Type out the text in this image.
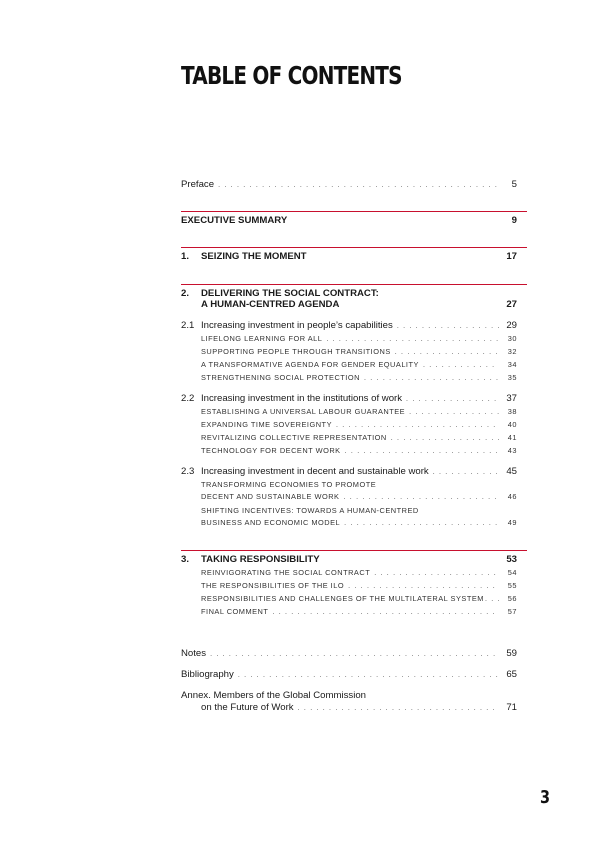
TABLE OF CONTENTS
Preface . . .	5
EXECUTIVE SUMMARY	9
1. SEIZING THE MOMENT	17
2. DELIVERING THE SOCIAL CONTRACT:
A HUMAN-CENTRED AGENDA	27
2.1 Increasing investment in people’s capabilities . . .	29
LIFELONG LEARNING FOR ALL . . .	30
SUPPORTING PEOPLE THROUGH TRANSITIONS . . .	32
A TRANSFORMATIVE AGENDA FOR GENDER EQUALITY . . .	34
STRENGTHENING SOCIAL PROTECTION . . .	35
2.2 Increasing investment in the institutions of work . . .	37
ESTABLISHING A UNIVERSAL LABOUR GUARANTEE . . .	38
EXPANDING TIME SOVEREIGNTY . . .	40
REVITALIZING COLLECTIVE REPRESENTATION . . .	41
TECHNOLOGY FOR DECENT WORK . . .	43
2.3 Increasing investment in decent and sustainable work . . .	45
TRANSFORMING ECONOMIES TO PROMOTE
DECENT AND SUSTAINABLE WORK . . .	46
SHIFTING INCENTIVES: TOWARDS A HUMAN-CENTRED
BUSINESS AND ECONOMIC MODEL . . .	49
3. TAKING RESPONSIBILITY	53
REINVIGORATING THE SOCIAL CONTRACT . . .	54
THE RESPONSIBILITIES OF THE ILO . . .	55
RESPONSIBILITIES AND CHALLENGES OF THE MULTILATERAL SYSTEM . . .	56
FINAL COMMENT . . .	57
Notes . . .	59
Bibliography . . .	65
Annex. Members of the Global Commission
on the Future of Work . . .	71
3
